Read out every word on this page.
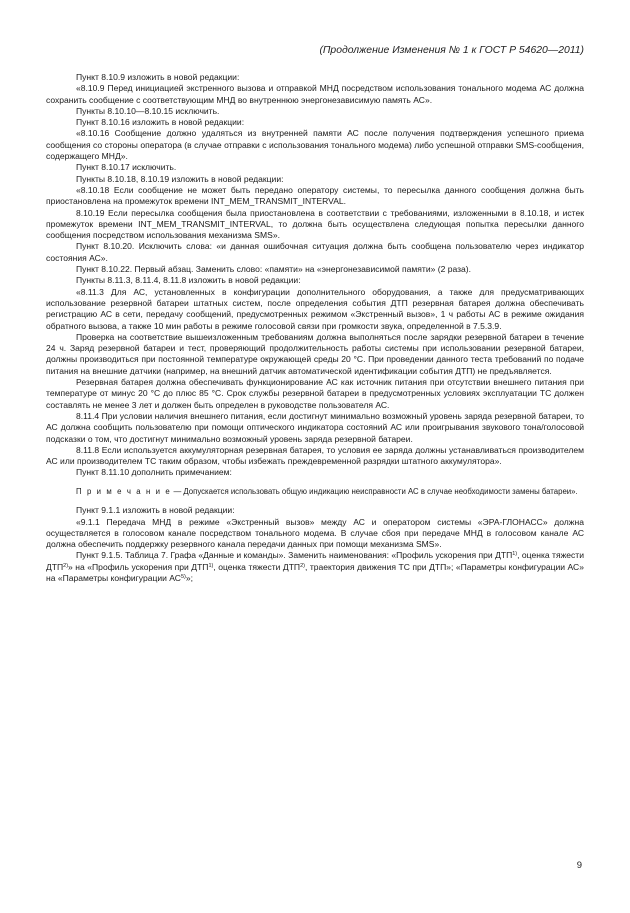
(Продолжение Изменения № 1 к ГОСТ Р 54620—2011)

Пункт 8.10.9 изложить в новой редакции:

«8.10.9 Перед инициацией экстренного вызова и отправкой МНД посредством использования тонального модема АС должна сохранить сообщение с соответствующим МНД во внутреннюю энергонезависимую память АС».

Пункты 8.10.10—8.10.15 исключить.

Пункт 8.10.16 изложить в новой редакции:

«8.10.16 Сообщение должно удаляться из внутренней памяти АС после получения подтверждения успешного приема сообщения со стороны оператора (в случае отправки с использования тонального модема) либо успешной отправки SMS-сообщения, содержащего МНД».

Пункт 8.10.17 исключить.

Пункты 8.10.18, 8.10.19 изложить в новой редакции:

«8.10.18 Если сообщение не может быть передано оператору системы, то пересылка данного сообщения должна быть приостановлена на промежуток времени INT_MEM_TRANSMIT_INTERVAL.

8.10.19 Если пересылка сообщения была приостановлена в соответствии с требованиями, изложенными в 8.10.18, и истек промежуток времени INT_MEM_TRANSMIT_INTERVAL, то должна быть осуществлена следующая попытка пересылки данного сообщения посредством использования механизма SMS».

Пункт 8.10.20. Исключить слова: «и данная ошибочная ситуация должна быть сообщена пользователю через индикатор состояния АС».

Пункт 8.10.22. Первый абзац. Заменить слово: «памяти» на «энергонезависимой памяти» (2 раза).

Пункты 8.11.3, 8.11.4, 8.11.8 изложить в новой редакции:

«8.11.3 Для АС, установленных в конфигурации дополнительного оборудования, а также для предусматривающих использование резервной батареи штатных систем, после определения события ДТП резервная батарея должна обеспечивать регистрацию АС в сети, передачу сообщений, предусмотренных режимом «Экстренный вызов», 1 ч работы АС в режиме ожидания обратного вызова, а также 10 мин работы в режиме голосовой связи при громкости звука, определенной в 7.5.3.9.

Проверка на соответствие вышеизложенным требованиям должна выполняться после зарядки резервной батареи в течение 24 ч. Заряд резервной батареи и тест, проверяющий продолжительность работы системы при использовании резервной батареи, должны производиться при постоянной температуре окружающей среды 20 °С. При проведении данного теста требований по подаче питания на внешние датчики (например, на внешний датчик автоматической идентификации события ДТП) не предъявляется.

Резервная батарея должна обеспечивать функционирование АС как источник питания при отсутствии внешнего питания при температуре от минус 20 °С до плюс 85 °С. Срок службы резервной батареи в предусмотренных условиях эксплуатации ТС должен составлять не менее 3 лет и должен быть определен в руководстве пользователя АС.

8.11.4 При условии наличия внешнего питания, если достигнут минимально возможный уровень заряда резервной батареи, то АС должна сообщить пользователю при помощи оптического индикатора состояний АС или проигрывания звукового тона/голосовой подсказки о том, что достигнут минимально возможный уровень заряда резервной батареи.

8.11.8 Если используется аккумуляторная резервная батарея, то условия ее заряда должны устанавливаться производителем АС или производителем ТС таким образом, чтобы избежать преждевременной разрядки штатного аккумулятора».

Пункт 8.11.10 дополнить примечанием:

П р и м е ч а н и е — Допускается использовать общую индикацию неисправности АС в случае необходимости замены батареи».

Пункт 9.1.1 изложить в новой редакции:

«9.1.1 Передача МНД в режиме «Экстренный вызов» между АС и оператором системы «ЭРА-ГЛОНАСС» должна осуществляется в голосовом канале посредством тонального модема. В случае сбоя при передаче МНД в голосовом канале АС должна обеспечить поддержку резервного канала передачи данных при помощи механизма SMS».

Пункт 9.1.5. Таблица 7. Графа «Данные и команды». Заменить наименования: «Профиль ускорения при ДТП$^{1)}$, оценка тяжести ДТП$^{2)}$» на «Профиль ускорения при ДТП$^{1)}$, оценка тяжести ДТП$^{2)}$, траектория движения ТС при ДТП»; «Параметры конфигурации АС» на «Параметры конфигурации АС$^{5)}$»;

9
